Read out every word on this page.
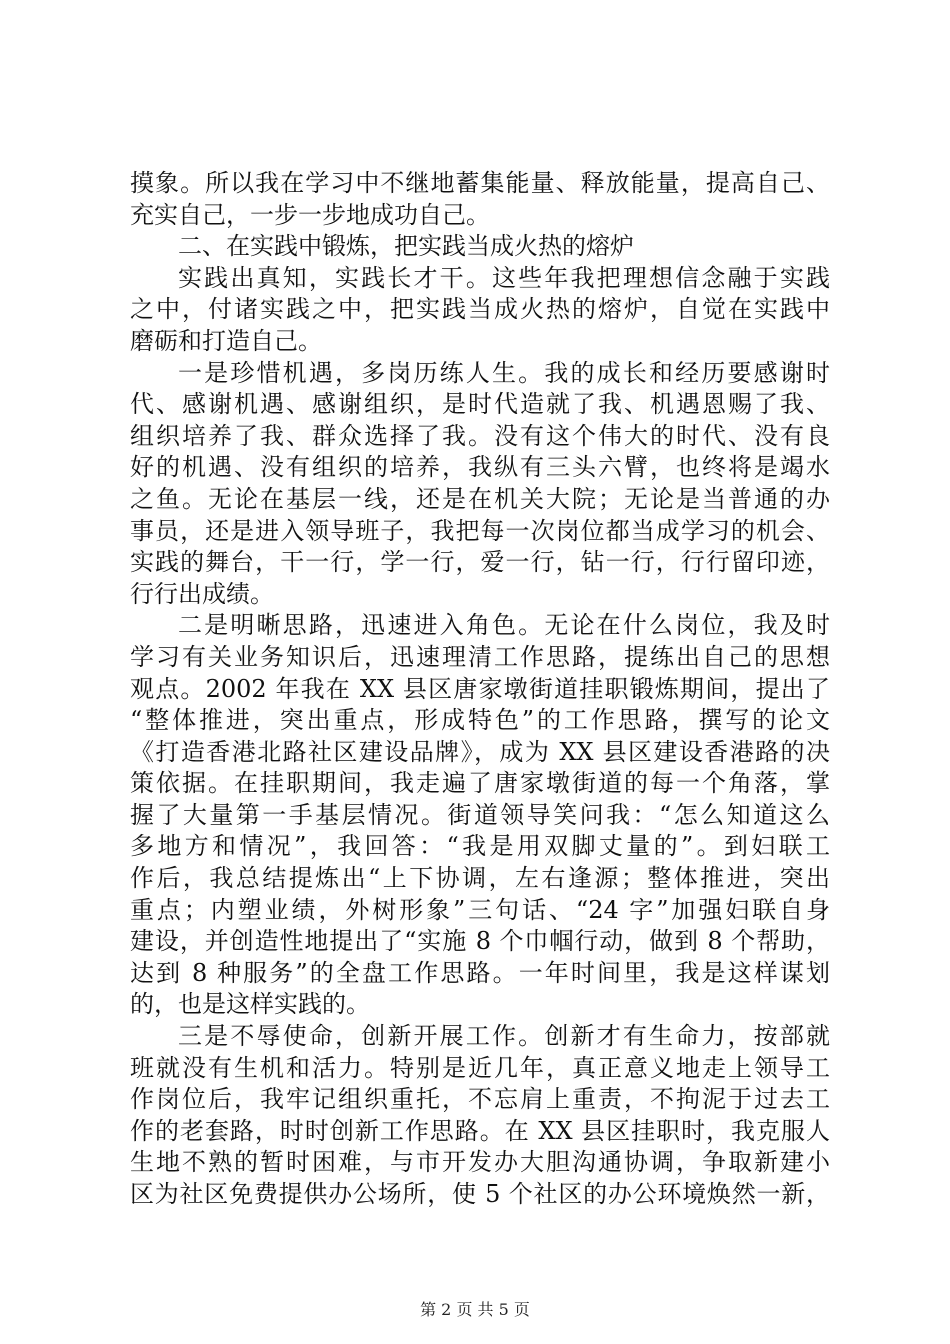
摸象。所以我在学习中不继地蓄集能量、释放能量，提高自己、
充实自己，一步一步地成功自己。
二、在实践中锻炼，把实践当成火热的熔炉
实践出真知，实践长才干。这些年我把理想信念融于实践
之中，付诸实践之中，把实践当成火热的熔炉，自觉在实践中
磨砺和打造自己。
一是珍惜机遇，多岗历练人生。我的成长和经历要感谢时
代、感谢机遇、感谢组织，是时代造就了我、机遇恩赐了我、
组织培养了我、群众选择了我。没有这个伟大的时代、没有良
好的机遇、没有组织的培养，我纵有三头六臂，也终将是竭水
之鱼。无论在基层一线，还是在机关大院；无论是当普通的办
事员，还是进入领导班子，我把每一次岗位都当成学习的机会、
实践的舞台，干一行，学一行，爱一行，钻一行，行行留印迹，
行行出成绩。
二是明晰思路，迅速进入角色。无论在什么岗位，我及时
学习有关业务知识后，迅速理清工作思路，提练出自己的思想
观点。2002 年我在 XX 县区唐家墩街道挂职锻炼期间，提出了
“整体推进，突出重点，形成特色”的工作思路，撰写的论文
《打造香港北路社区建设品牌》，成为 XX 县区建设香港路的决
策依据。在挂职期间，我走遍了唐家墩街道的每一个角落，掌
握了大量第一手基层情况。街道领导笑问我：“怎么知道这么
多地方和情况”，我回答：“我是用双脚丈量的”。到妇联工
作后，我总结提炼出“上下协调，左右逢源；整体推进，突出
重点；内塑业绩，外树形象”三句话、“24 字”加强妇联自身
建设，并创造性地提出了“实施 8 个巾帼行动，做到 8 个帮助，
达到 8 种服务”的全盘工作思路。一年时间里，我是这样谋划
的，也是这样实践的。
三是不辱使命，创新开展工作。创新才有生命力，按部就
班就没有生机和活力。特别是近几年，真正意义地走上领导工
作岗位后，我牢记组织重托，不忘肩上重责，不拘泥于过去工
作的老套路，时时创新工作思路。在 XX 县区挂职时，我克服人
生地不熟的暂时困难，与市开发办大胆沟通协调，争取新建小
区为社区免费提供办公场所，使 5 个社区的办公环境焕然一新，
第 2 页 共 5 页
